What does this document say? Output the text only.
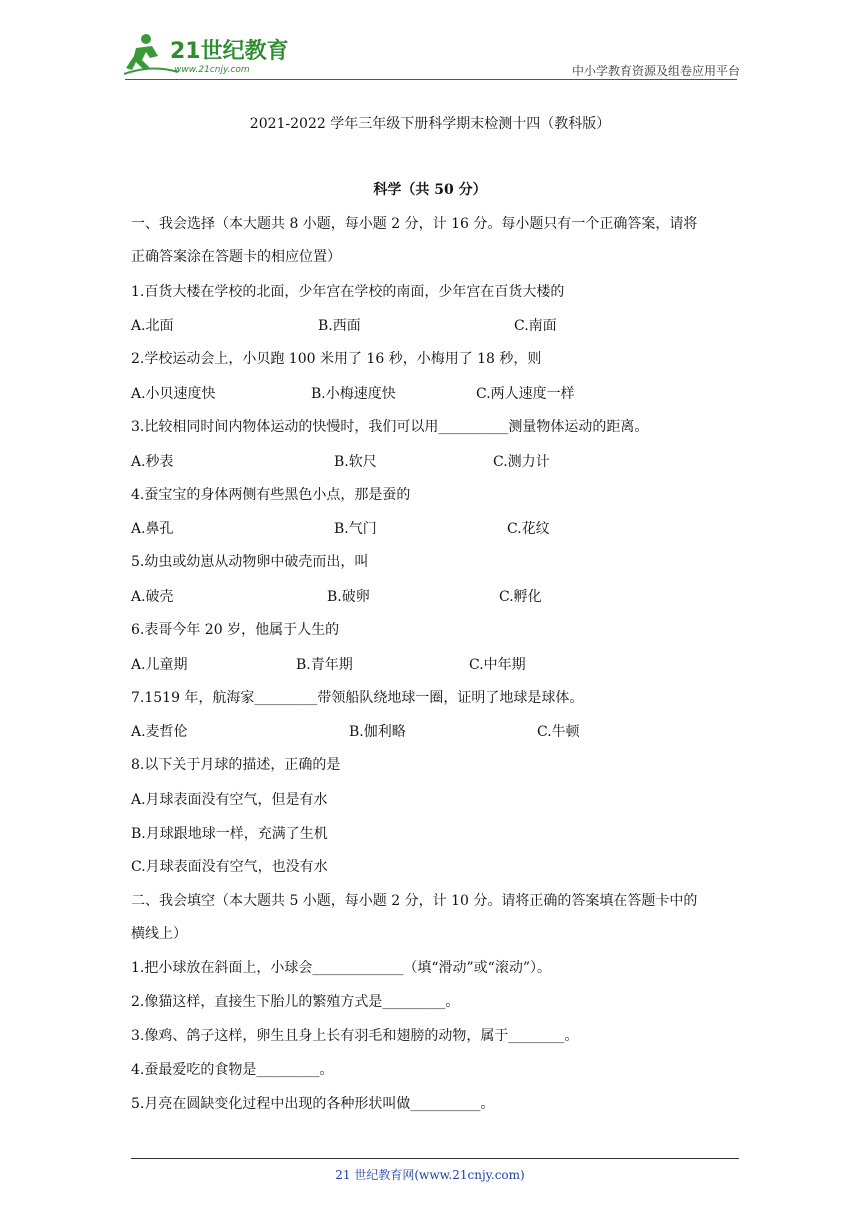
21世纪教育
www.21cnjy.com	中小学教育资源及组卷应用平台
2021-2022 学年三年级下册科学期末检测十四（教科版）
科学（共 50 分）
一、我会选择（本大题共 8 小题，每小题 2 分，计 16 分。每小题只有一个正确答案，请将
正确答案涂在答题卡的相应位置）
1.百货大楼在学校的北面，少年宫在学校的南面，少年宫在百货大楼的
A.北面	B.西面	C.南面
2.学校运动会上，小贝跑 100 米用了 16 秒，小梅用了 18 秒，则
A.小贝速度快	B.小梅速度快	C.两人速度一样
3.比较相同时间内物体运动的快慢时，我们可以用__________测量物体运动的距离。
A.秒表	B.软尺	C.测力计
4.蚕宝宝的身体两侧有些黑色小点，那是蚕的
A.鼻孔	B.气门	C.花纹
5.幼虫或幼崽从动物卵中破壳而出，叫
A.破壳	B.破卵	C.孵化
6.表哥今年 20 岁，他属于人生的
A.儿童期	B.青年期	C.中年期
7.1519 年，航海家_________带领船队绕地球一圈，证明了地球是球体。
A.麦哲伦	B.伽利略	C.牛顿
8.以下关于月球的描述，正确的是
A.月球表面没有空气，但是有水
B.月球跟地球一样，充满了生机
C.月球表面没有空气，也没有水
二、我会填空（本大题共 5 小题，每小题 2 分，计 10 分。请将正确的答案填在答题卡中的
横线上）
1.把小球放在斜面上，小球会_____________（填“滑动”或“滚动”）。
2.像猫这样，直接生下胎儿的繁殖方式是_________。
3.像鸡、鸽子这样，卵生且身上长有羽毛和翅膀的动物，属于________。
4.蚕最爱吃的食物是_________。
5.月亮在圆缺变化过程中出现的各种形状叫做__________。
21 世纪教育网(www.21cnjy.com)
